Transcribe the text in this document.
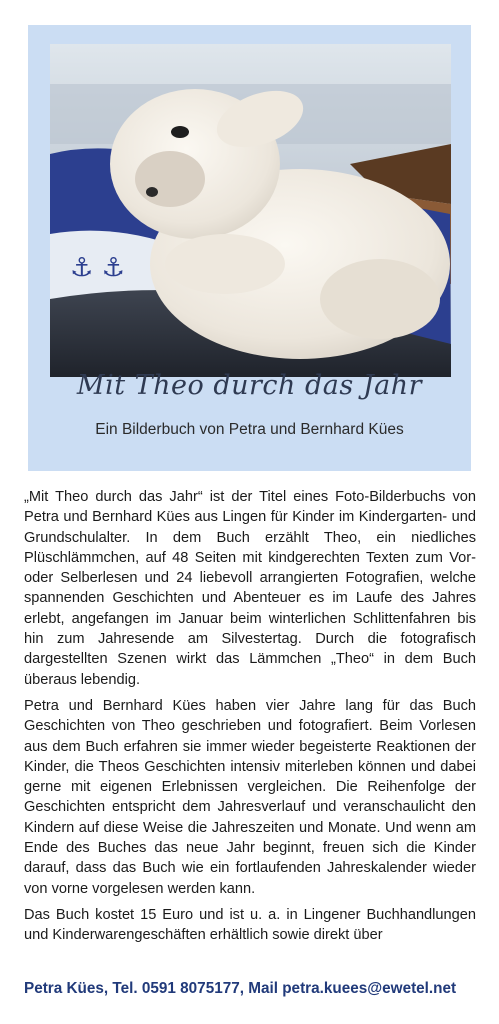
⚓ ⚓
Mit Theo durch das Jahr
Ein Bilderbuch von Petra und Bernhard Kües

„Mit Theo durch das Jahr“ ist der Titel eines Foto-Bilderbuchs von Petra und Bernhard Kües aus Lingen für Kinder im Kindergarten- und Grundschulalter. In dem Buch erzählt Theo, ein niedliches Plüschlämmchen, auf 48 Seiten mit kindgerechten Texten zum Vor- oder Selberlesen und 24 liebevoll arrangierten Fotografien, welche spannenden Geschichten und Abenteuer es im Laufe des Jahres erlebt, angefangen im Januar beim winterlichen Schlittenfahren bis hin zum Jahresende am Silvestertag. Durch die fotografisch dargestellten Szenen wirkt das Lämmchen „Theo“ in dem Buch überaus lebendig.

Petra und Bernhard Kües haben vier Jahre lang für das Buch Geschichten von Theo geschrieben und fotografiert. Beim Vorlesen aus dem Buch erfahren sie immer wieder begeisterte Reaktionen der Kinder, die Theos Geschichten intensiv miterleben können und dabei gerne mit eigenen Erlebnissen vergleichen. Die Reihenfolge der Geschichten entspricht dem Jahresverlauf und veranschaulicht den Kindern auf diese Weise die Jahreszeiten und Monate. Und wenn am Ende des Buches das neue Jahr beginnt, freuen sich die Kinder darauf, dass das Buch wie ein fortlaufenden Jahreskalender wieder von vorne vorgelesen werden kann.

Das Buch kostet 15 Euro und ist u. a. in Lingener Buchhandlungen und Kinderwarengeschäften erhältlich sowie direkt über

Petra Kües, Tel. 0591 8075177, Mail petra.kuees@ewetel.net
